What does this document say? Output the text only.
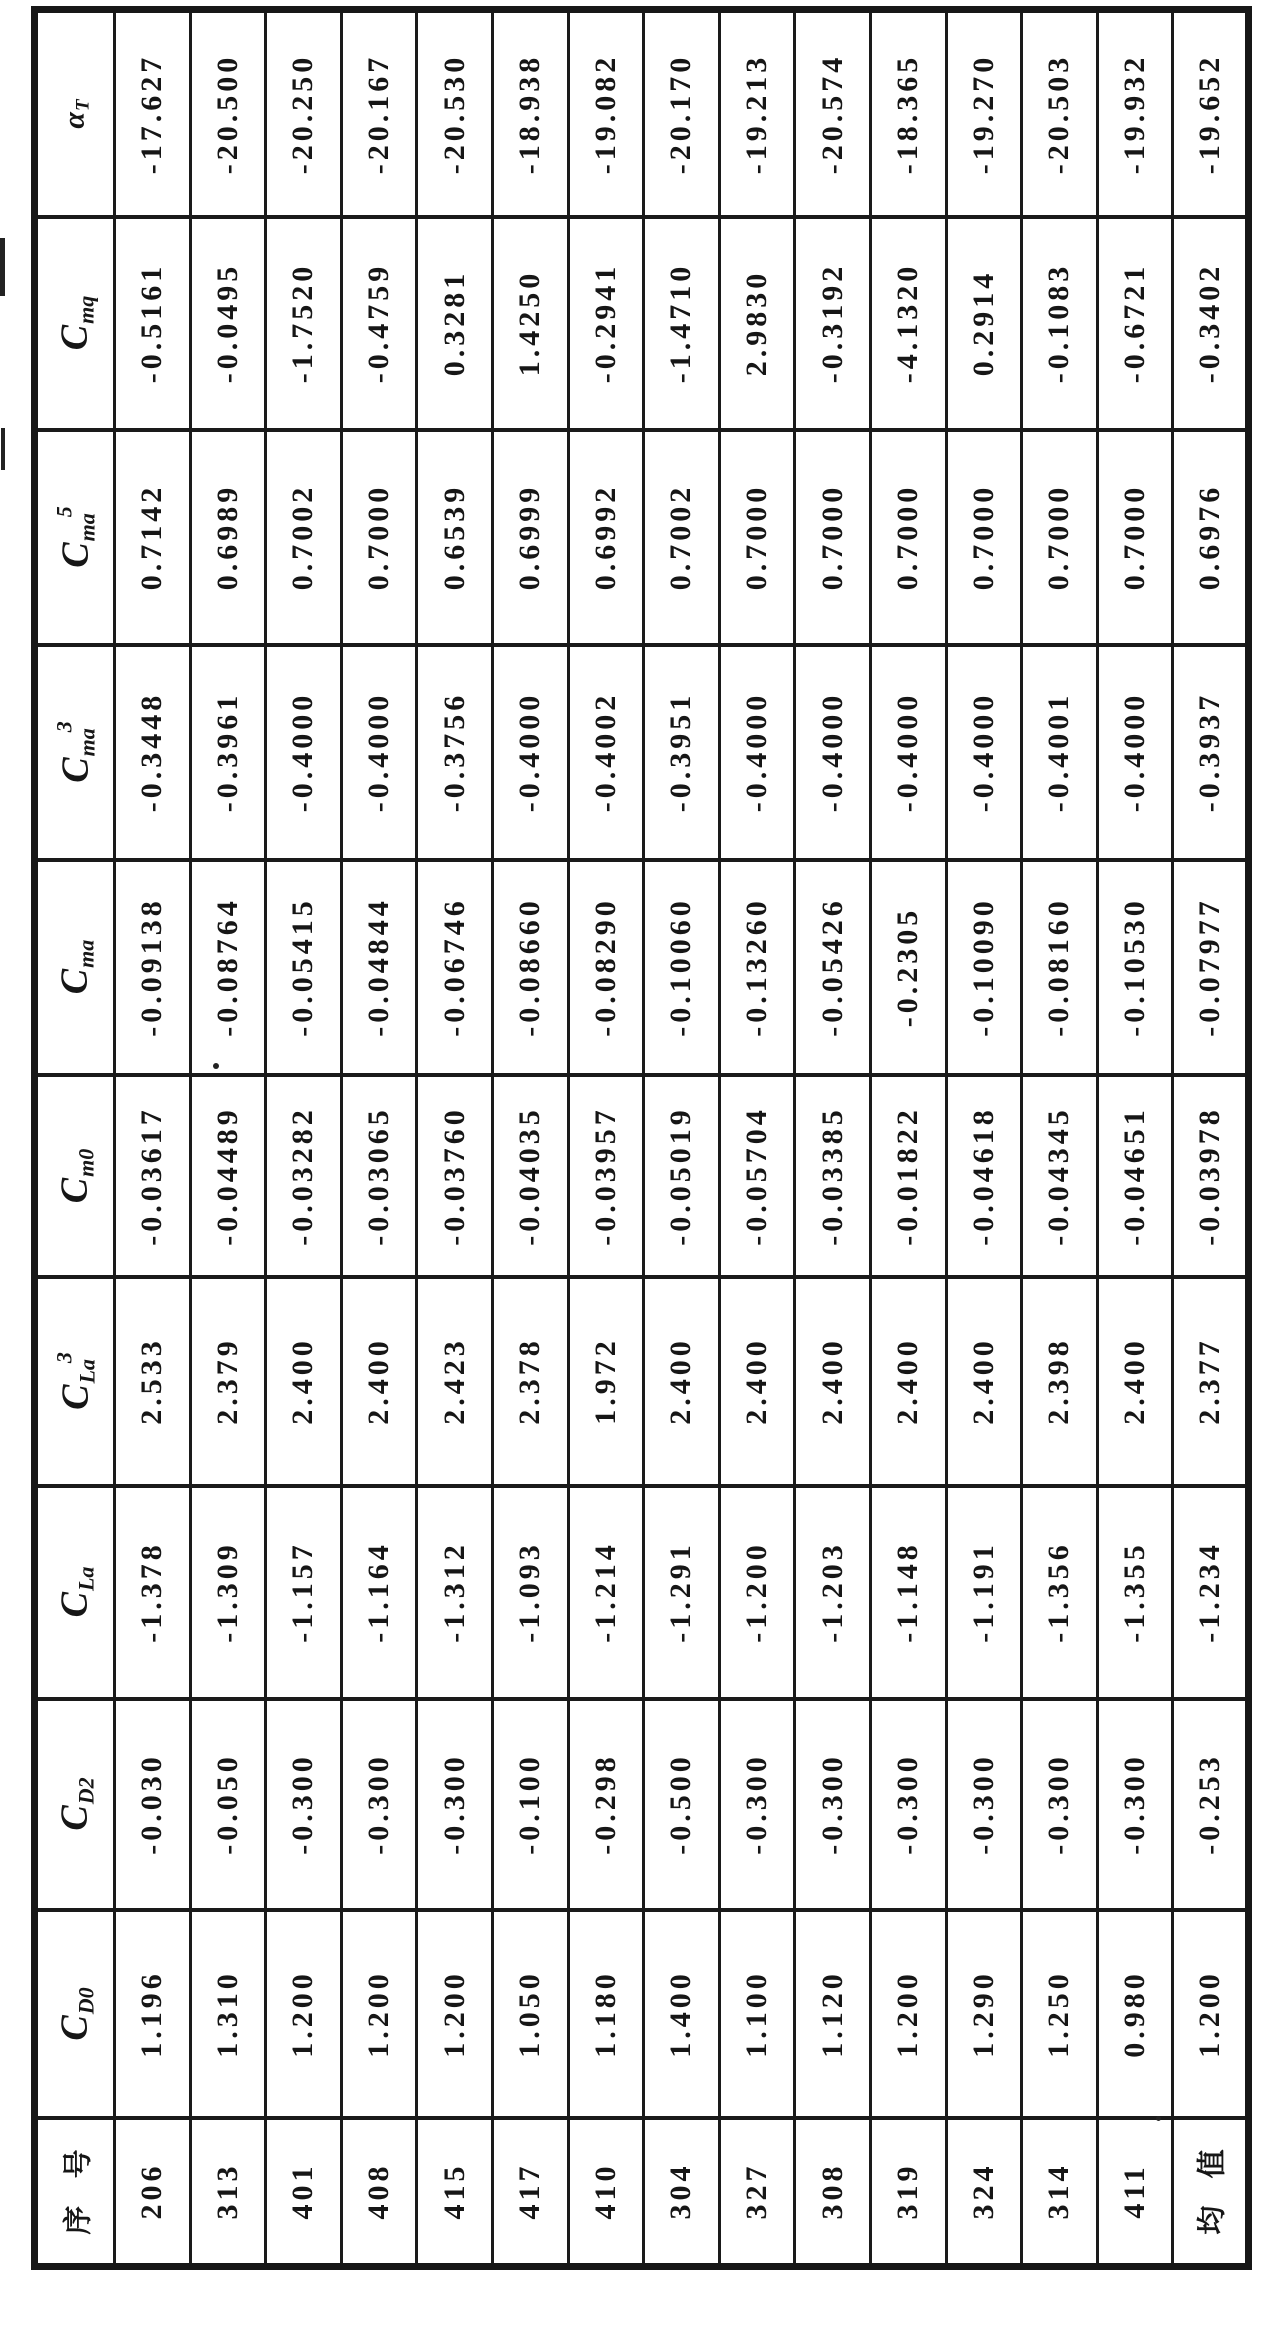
$\alpha_T$	-17.627	-20.500	-20.250	-20.167	-20.530	-18.938	-19.082	-20.170	-19.213	-20.574	-18.365	-19.270	-20.503	-19.932	-19.652

$C_{mq}$	-0.5161	-0.0495	-1.7520	-0.4759	0.3281	1.4250	-0.2941	-1.4710	2.9830	-0.3192	-4.1320	0.2914	-0.1083	-0.6721	-0.3402

$C_{ma}^5$	0.7142	0.6989	0.7002	0.7000	0.6539	0.6999	0.6992	0.7002	0.7000	0.7000	0.7000	0.7000	0.7000	0.7000	0.6976

$C_{ma}^3$	-0.3448	-0.3961	-0.4000	-0.4000	-0.3756	-0.4000	-0.4002	-0.3951	-0.4000	-0.4000	-0.4000	-0.4000	-0.4001	-0.4000	-0.3937

$C_{ma}$	-0.09138	-0.08764	-0.05415	-0.04844	-0.06746	-0.08660	-0.08290	-0.10060	-0.13260	-0.05426	-0.2305	-0.10090	-0.08160	-0.10530	-0.07977

$C_{m0}$	-0.03617	-0.04489	-0.03282	-0.03065	-0.03760	-0.04035	-0.03957	-0.05019	-0.05704	-0.03385	-0.01822	-0.04618	-0.04345	-0.04651	-0.03978

$C_{La}^3$	2.533	2.379	2.400	2.400	2.423	2.378	1.972	2.400	2.400	2.400	2.400	2.400	2.398	2.400	2.377

$C_{La}$	-1.378	-1.309	-1.157	-1.164	-1.312	-1.093	-1.214	-1.291	-1.200	-1.203	-1.148	-1.191	-1.356	-1.355	-1.234

$C_{D2}$	-0.030	-0.050	-0.300	-0.300	-0.300	-0.100	-0.298	-0.500	-0.300	-0.300	-0.300	-0.300	-0.300	-0.300	-0.253

$C_{D0}$	1.196	1.310	1.200	1.200	1.200	1.050	1.180	1.400	1.100	1.120	1.200	1.290	1.250	0.980	1.200

序 号	206	313	401	408	415	417	410	304	327	308	319	324	314	411	均 值
